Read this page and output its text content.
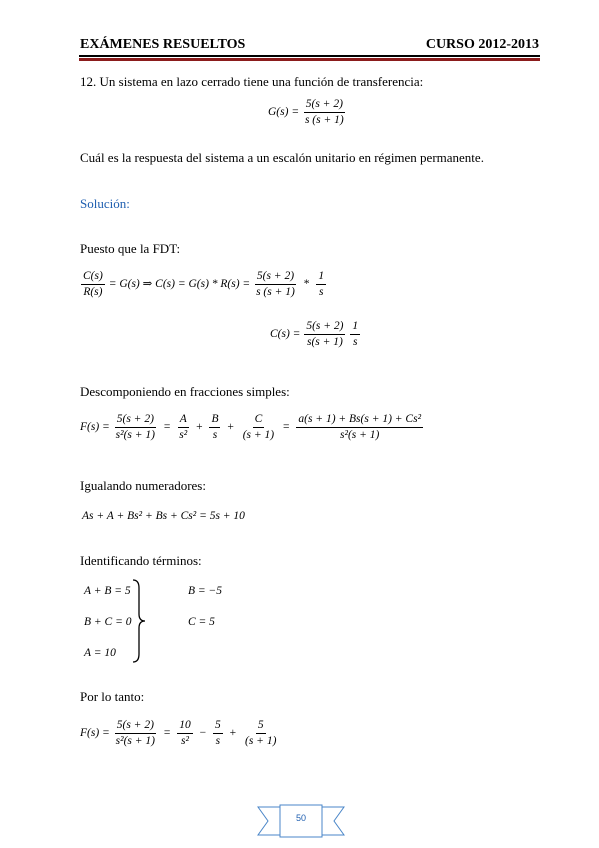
EXÁMENES RESUELTOS	CURSO 2012-2013
12. Un sistema en lazo cerrado tiene una función de transferencia:
$G(s) = \frac{5(s + 2)}{s (s + 1)}$
Cuál es la respuesta del sistema a un escalón unitario en régimen permanente.
Solución:
Puesto que la FDT:
$\frac{C(s)}{R(s)} = G(s)$ ⇒ $C(s) = G(s) * R(s) = \frac{5(s + 2)}{s (s + 1)} * \frac{1}{s}$
$C(s) = \frac{5(s + 2)}{s(s + 1)}$
$\frac{1}{s}$
Descomponiendo en fracciones simples:
$F(s) = \frac{5(s + 2)}{\text{s²(s + 1)}} = \frac{A}{\text{s²}} + \frac{B}{s} + \frac{C}{(s + 1)} = \frac{\text{a(s + 1) + Bs(s + 1) + Cs²}}{\text{s²(s + 1)}}$
Igualando numeradores:
As + A + Bs² + Bs + Cs² = 5s + 10
Identificando términos:
A + B = 5
B + C = 0
A = 10
B = −5
C = 5
Por lo tanto:
$F(s) = \frac{5(s + 2)}{\text{s²(s + 1)}} = \frac{10}{\text{s²}} - \frac{5}{s} + \frac{5}{(s + 1)}$
50
